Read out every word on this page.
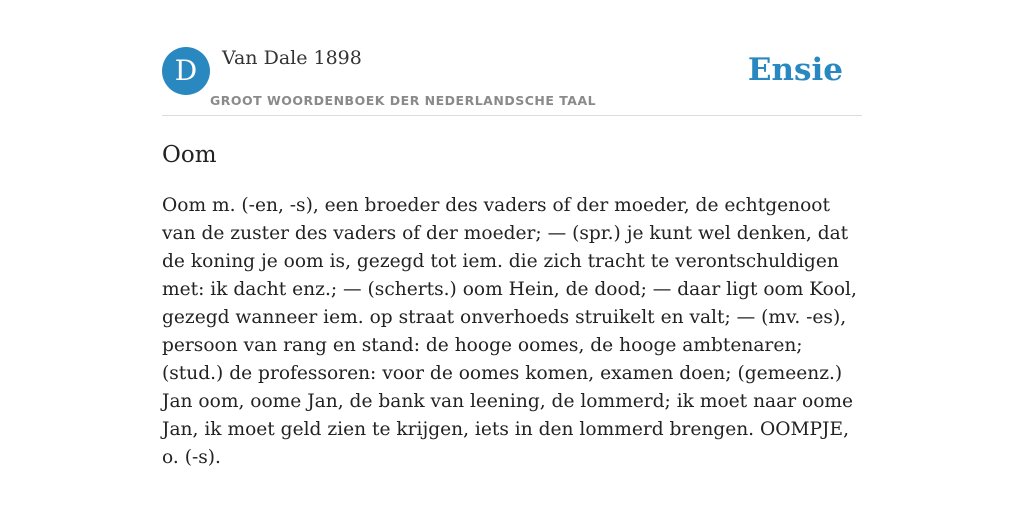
D	Van Dale 1898
GROOT WOORDENBOEK DER NEDERLANDSCHE TAAL
Ensie
Oom

Oom m. (-en, -s), een broeder des vaders of der moeder, de echtgenoot van de zuster des vaders of der moeder; — (spr.) je kunt wel denken, dat de koning je oom is, gezegd tot iem. die zich tracht te verontschuldigen met: ik dacht enz.; — (scherts.) oom Hein, de dood; — daar ligt oom Kool, gezegd wanneer iem. op straat onverhoeds struikelt en valt; — (mv. -es), persoon van rang en stand: de hooge oomes, de hooge ambtenaren; (stud.) de professoren: voor de oomes komen, examen doen; (gemeenz.) Jan oom, oome Jan, de bank van leening, de lommerd; ik moet naar oome Jan, ik moet geld zien te krijgen, iets in den lommerd brengen. OOMPJE, o. (-s).
